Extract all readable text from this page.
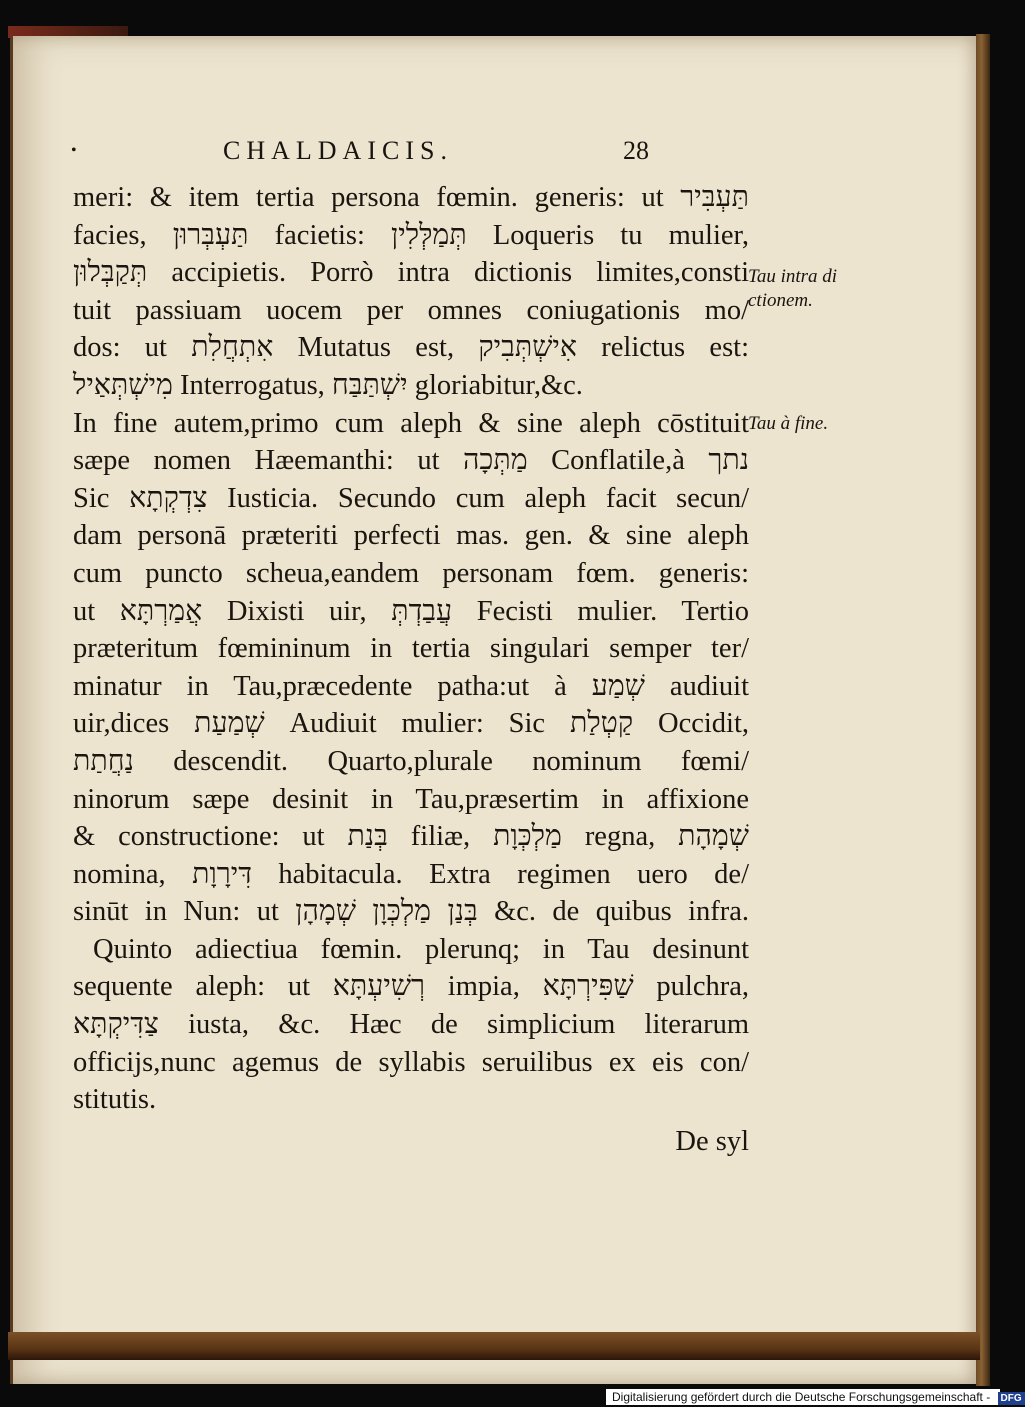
•	CHALDAICIS.	28
meri: & item tertia persona fœmin. generis: ut תַּעְבִּיר
facies, תַּעְבְּרוּן facietis: תְּמַלְּלִין Loqueris tu mulier,
תְּקַבְּלוּן accipietis. Porrò intra dictionis limites,consti
tuit passiuam uocem per omnes coniugationis mo/
dos: ut אִתְחֲלִת Mutatus est, אִישְׁתְּבִיק relictus est:
מִישְׁתְּאַיל Interrogatus, יִשְׁתַּבַּח gloriabitur,&c.
In fine autem,primo cum aleph & sine aleph cōstituit
sæpe nomen Hæemanthi: ut מַתְּכָה Conflatile,à נתך
Sic צִדְקְתָא Iusticia. Secundo cum aleph facit secun/
dam personā præteriti perfecti mas. gen. & sine aleph
cum puncto scheua,eandem personam fœm. generis:
ut אֲמַרְתָּא Dixisti uir, עֲבַדְתְּ Fecisti mulier. Tertio
præteritum fœmininum in tertia singulari semper ter/
minatur in Tau,præcedente patha:ut à שְׁמַע audiuit
uir,dices שְׁמַעַת Audiuit mulier: Sic קַטְלַת Occidit,
נַחֲתַת descendit. Quarto,plurale nominum fœmi/
ninorum sæpe desinit in Tau,præsertim in affixione
& constructione: ut בְּנַת filiæ, מַלְכְּוָת regna, שְׁמָהָת
nomina, דִּירָוָת habitacula. Extra regimen uero de/
sinūt in Nun: ut בְּנַן מַלְכְּוָן שְׁמָהָן &c. de quibus infra.
Quinto adiectiua fœmin. plerunq; in Tau desinunt
sequente aleph: ut רְשִׁיעְתָּא impia, שַׁפִּירְתָּא pulchra,
צַדִּיקְתָּא iusta, &c. Hæc de simplicium literarum
officijs,nunc agemus de syllabis seruilibus ex eis con/
stitutis.
De syl
Tau intra di
ctionem.
Tau à fine.
Digitalisierung gefördert durch die Deutsche Forschungsgemeinschaft - DFG
